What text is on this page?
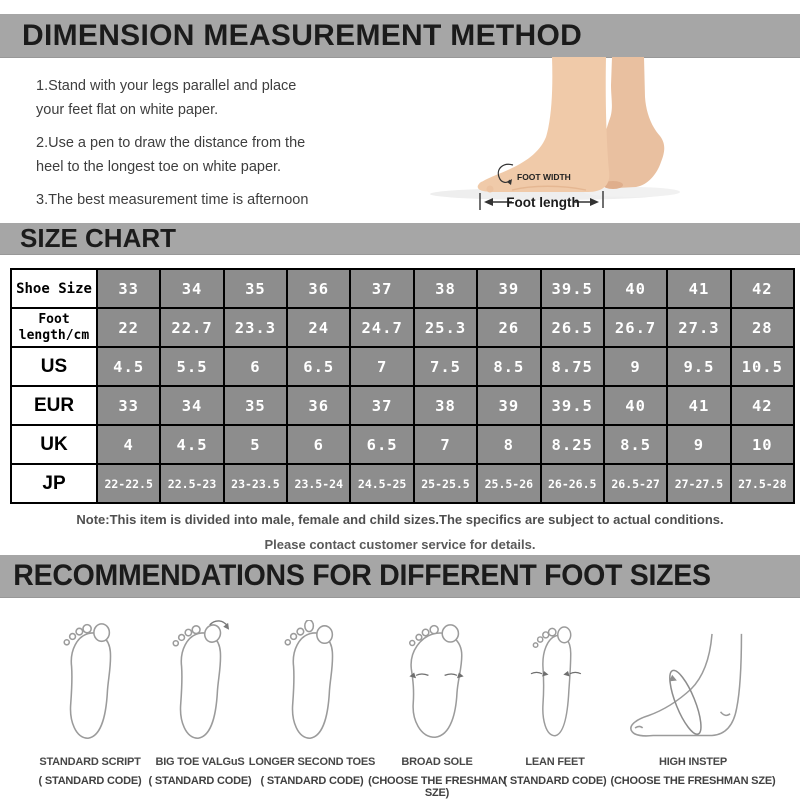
DIMENSION MEASUREMENT METHOD

1.Stand with your legs parallel and place your feet flat on white paper.

2.Use a pen to draw the distance from the heel to the longest toe on white paper.

3.The best measurement time is afternoon

FOOT WIDTH
Foot length
SIZE CHART
Shoe Size	33	34	35	36	37	38	39	39.5	40	41	42
Foot length/cm	22	22.7	23.3	24	24.7	25.3	26	26.5	26.7	27.3	28
US	4.5	5.5	6	6.5	7	7.5	8.5	8.75	9	9.5	10.5
EUR	33	34	35	36	37	38	39	39.5	40	41	42
UK	4	4.5	5	6	6.5	7	8	8.25	8.5	9	10
JP	22-22.5	22.5-23	23-23.5	23.5-24	24.5-25	25-25.5	25.5-26	26-26.5	26.5-27	27-27.5	27.5-28
Note:This item is divided into male, female and child sizes.The specifics are subject to actual conditions.
Please contact customer service for details.
RECOMMENDATIONS FOR DIFFERENT FOOT SIZES
STANDARD SCRIPT
( STANDARD CODE)
BIG TOE VALGuS
( STANDARD CODE)
LONGER SECOND TOES
( STANDARD CODE)
BROAD SOLE
(CHOOSE THE FRESHMAN SZE)
LEAN FEET
( STANDARD CODE)
HIGH INSTEP
(CHOOSE THE FRESHMAN SZE)
